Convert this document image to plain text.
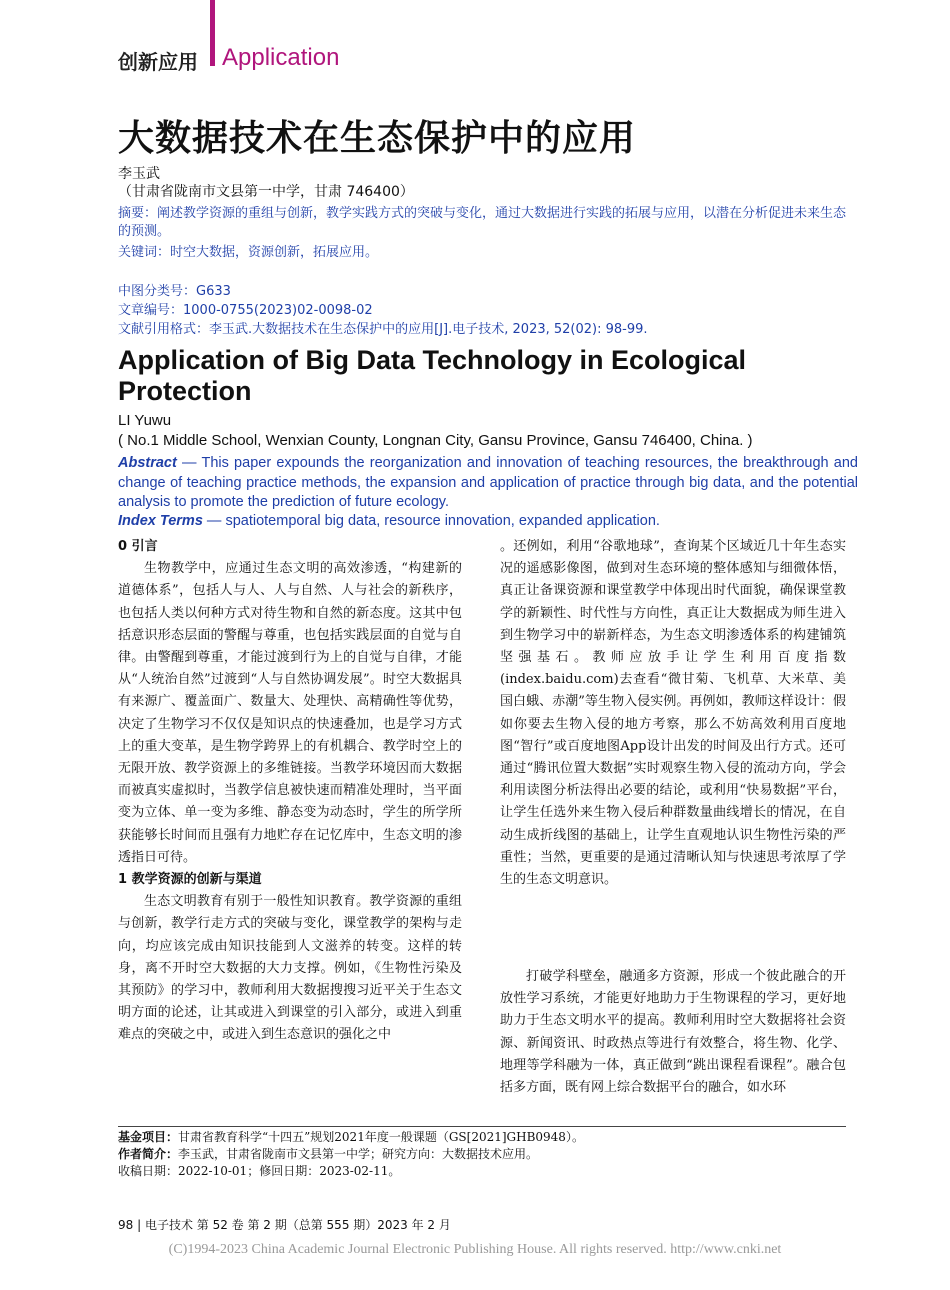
创新应用 Application
大数据技术在生态保护中的应用
李玉武
（甘肃省陇南市文县第一中学，甘肃 746400）
摘要：阐述教学资源的重组与创新，教学实践方式的突破与变化，通过大数据进行实践的拓展与应用，以潜在分析促进未来生态的预测。
关键词：时空大数据，资源创新，拓展应用。
中图分类号：G633
文章编号：1000-0755(2023)02-0098-02
文献引用格式：李玉武.大数据技术在生态保护中的应用[J].电子技术, 2023, 52(02): 98-99.
Application of Big Data Technology in Ecological Protection
LI Yuwu
( No.1 Middle School, Wenxian County, Longnan City, Gansu Province, Gansu 746400, China. )
Abstract — This paper expounds the reorganization and innovation of teaching resources, the breakthrough and change of teaching practice methods, the expansion and application of practice through big data, and the potential analysis to promote the prediction of future ecology.
Index Terms — spatiotemporal big data, resource innovation, expanded application.

0 引言

生物教学中，应通过生态文明的高效渗透，“构建新的道德体系”，包括人与人、人与自然、人与社会的新秩序，也包括人类以何种方式对待生物和自然的新态度。这其中包括意识形态层面的警醒与尊重，也包括实践层面的自觉与自律。由警醒到尊重，才能过渡到行为上的自觉与自律，才能从“人统治自然”过渡到“人与自然协调发展”。时空大数据具有来源广、覆盖面广、数量大、处理快、高精确性等优势，决定了生物学习不仅仅是知识点的快速叠加，也是学习方式上的重大变革，是生物学跨界上的有机耦合、教学时空上的无限开放、教学资源上的多维链接。当教学环境因而大数据而被真实虚拟时，当教学信息被快速而精准处理时，当平面变为立体、单一变为多维、静态变为动态时，学生的所学所获能够长时间而且强有力地贮存在记忆库中，生态文明的渗透指日可待。

1 教学资源的创新与渠道

生态文明教育有别于一般性知识教育。教学资源的重组与创新，教学行走方式的突破与变化，课堂教学的架构与走向，均应该完成由知识技能到人文滋养的转变。这样的转身，离不开时空大数据的大力支撑。例如，《生物性污染及其预防》的学习中，教师利用大数据搜搜习近平关于生态文明方面的论述，让其或进入到课堂的引入部分，或进入到重难点的突破之中，或进入到生态意识的强化之中

。还例如，利用“谷歌地球”，查询某个区域近几十年生态实况的遥感影像图，做到对生态环境的整体感知与细微体悟，真正让备课资源和课堂教学中体现出时代面貌，确保课堂教学的新颖性、时代性与方向性，真正让大数据成为师生进入到生物学习中的崭新样态，为生态文明渗透体系的构建铺筑坚强基石。教师应放手让学生利用百度指数(index.baidu.com)去查看“微甘菊、飞机草、大米草、美国白蛾、赤潮”等生物入侵实例。再例如，教师这样设计：假如你要去生物入侵的地方考察，那么不妨高效利用百度地图“智行”或百度地图App设计出发的时间及出行方式。还可通过“腾讯位置大数据”实时观察生物入侵的流动方向，学会利用读图分析法得出必要的结论，或利用“快易数据”平台，让学生任选外来生物入侵后种群数量曲线增长的情况，在自动生成折线图的基础上，让学生直观地认识生物性污染的严重性；当然，更重要的是通过清晰认知与快速思考浓厚了学生的生态文明意识。

打破学科壁垒，融通多方资源，形成一个彼此融合的开放性学习系统，才能更好地助力于生物课程的学习，更好地助力于生态文明水平的提高。教师利用时空大数据将社会资源、新闻资讯、时政热点等进行有效整合，将生物、化学、地理等学科融为一体，真正做到“跳出课程看课程”。融合包括多方面，既有网上综合数据平台的融合，如水环

基金项目：甘肃省教育科学“十四五”规划2021年度一般课题（GS[2021]GHB0948）。
作者简介：李玉武，甘肃省陇南市文县第一中学；研究方向：大数据技术应用。
收稿日期：2022-10-01；修回日期：2023-02-11。
98 | 电子技术 第 52 卷 第 2 期（总第 555 期）2023 年 2 月
(C)1994-2023 China Academic Journal Electronic Publishing House. All rights reserved. http://www.cnki.net
